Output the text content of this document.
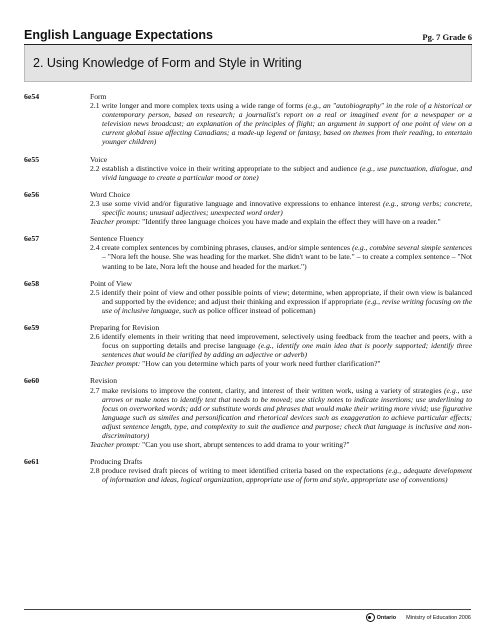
English Language Expectations	Pg. 7 Grade 6
2. Using Knowledge of Form and Style in Writing
6e54	Form
2.1 write longer and more complex texts using a wide range of forms (e.g., an "autobiography" in the role of a historical or contemporary person, based on research; a journalist's report on a real or imagined event for a newspaper or a television news broadcast; an explanation of the principles of flight; an argument in support of one point of view on a current global issue affecting Canadians; a made-up legend or fantasy, based on themes from their reading, to entertain younger children)
6e55	Voice
2.2 establish a distinctive voice in their writing appropriate to the subject and audience (e.g., use punctuation, dialogue, and vivid language to create a particular mood or tone)
6e56	Word Choice
2.3 use some vivid and/or figurative language and innovative expressions to enhance interest (e.g., strong verbs; concrete, specific nouns; unusual adjectives; unexpected word order)
Teacher prompt: "Identify three language choices you have made and explain the effect they will have on a reader."
6e57	Sentence Fluency
2.4 create complex sentences by combining phrases, clauses, and/or simple sentences (e.g., combine several simple sentences – "Nora left the house. She was heading for the market. She didn't want to be late." – to create a complex sentence – "Not wanting to be late, Nora left the house and headed for the market.")
6e58	Point of View
2.5 identify their point of view and other possible points of view; determine, when appropriate, if their own view is balanced and supported by the evidence; and adjust their thinking and expression if appropriate (e.g., revise writing focusing on the use of inclusive language, such as police officer instead of policeman)
6e59	Preparing for Revision
2.6 identify elements in their writing that need improvement, selectively using feedback from the teacher and peers, with a focus on supporting details and precise language (e.g., identify one main idea that is poorly supported; identify three sentences that would be clarified by adding an adjective or adverb)
Teacher prompt: "How can you determine which parts of your work need further clarification?"
6e60	Revision
2.7 make revisions to improve the content, clarity, and interest of their written work, using a variety of strategies (e.g., use arrows or make notes to identify text that needs to be moved; use sticky notes to indicate insertions; use underlining to focus on overworked words; add or substitute words and phrases that would make their writing more vivid; use figurative language such as similes and personification and rhetorical devices such as exaggeration to achieve particular effects; adjust sentence length, type, and complexity to suit the audience and purpose; check that language is inclusive and non-discriminatory)
Teacher prompt: "Can you use short, abrupt sentences to add drama to your writing?"
6e61	Producing Drafts
2.8 produce revised draft pieces of writing to meet identified criteria based on the expectations (e.g., adequate development of information and ideas, logical organization, appropriate use of form and style, appropriate use of conventions)
Ontario Ministry of Education 2006
